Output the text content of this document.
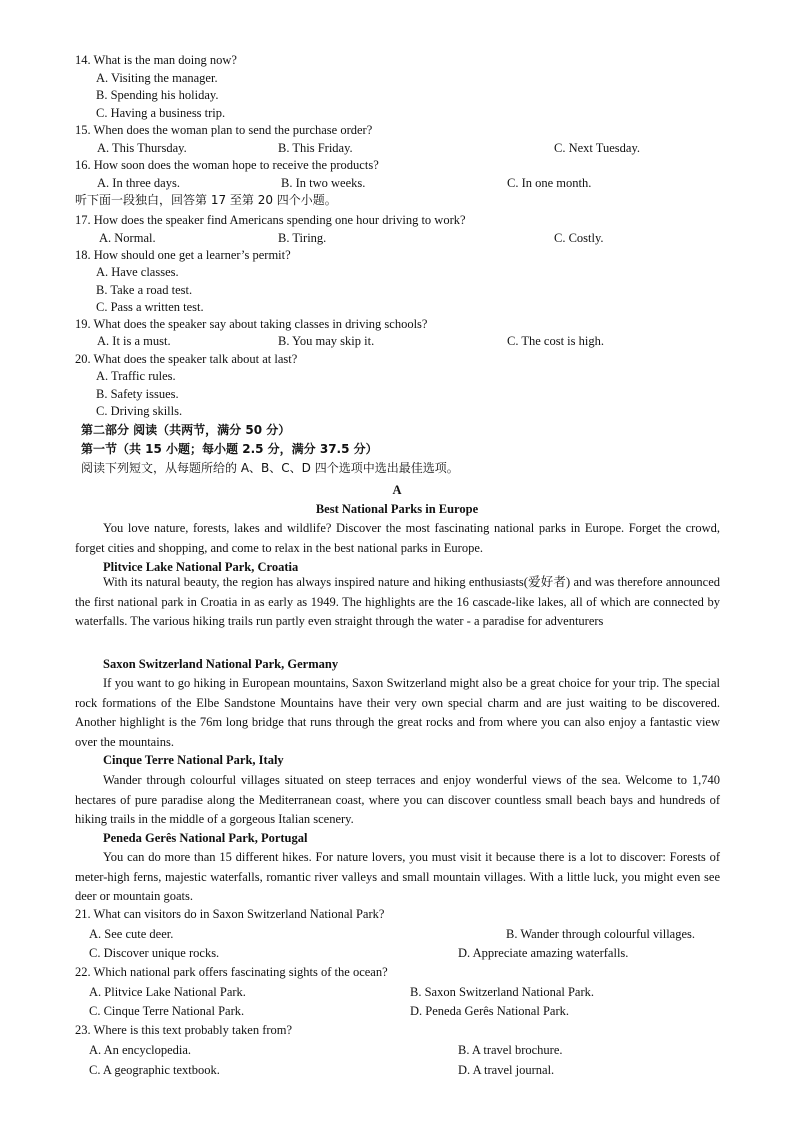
14. What is the man doing now?
A. Visiting the manager.
B. Spending his holiday.
C. Having a business trip.
15. When does the woman plan to send the purchase order?
A. This Thursday.	B. This Friday.	C. Next Tuesday.
16. How soon does the woman hope to receive the products?
A. In three days.	B. In two weeks.	C. In one month.
听下面一段独白，回答第 17 至第 20 四个小题。
17. How does the speaker find Americans spending one hour driving to work?
A. Normal.	B. Tiring.	C. Costly.
18. How should one get a learner’s permit?
A. Have classes.
B. Take a road test.
C. Pass a written test.
19. What does the speaker say about taking classes in driving schools?
A. It is a must.	B. You may skip it.	C. The cost is high.
20. What does the speaker talk about at last?
A. Traffic rules.
B. Safety issues.
C. Driving skills.
第二部分 阅读（共两节，满分 50 分）
第一节（共 15 小题；每小题 2.5 分，满分 37.5 分）
阅读下列短文，从每题所给的 A、B、C、D 四个选项中选出最佳选项。
A
Best National Parks in Europe
You love nature, forests, lakes and wildlife? Discover the most fascinating national parks in Europe. Forget the crowd, forget cities and shopping, and come to relax in the best national parks in Europe.
Plitvice Lake National Park, Croatia
With its natural beauty, the region has always inspired nature and hiking enthusiasts(爱好者) and was therefore announced the first national park in Croatia in as early as 1949. The highlights are the 16 cascade-like lakes, all of which are connected by waterfalls. The various hiking trails run partly even straight through the water - a paradise for adventurers
Saxon Switzerland National Park, Germany
If you want to go hiking in European mountains, Saxon Switzerland might also be a great choice for your trip. The special rock formations of the Elbe Sandstone Mountains have their very own special charm and are just waiting to be discovered. Another highlight is the 76m long bridge that runs through the great rocks and from where you can also enjoy a fantastic view over the mountains.
Cinque Terre National Park, Italy
Wander through colourful villages situated on steep terraces and enjoy wonderful views of the sea. Welcome to 1,740 hectares of pure paradise along the Mediterranean coast, where you can discover countless small beach bays and hundreds of hiking trails in the middle of a gorgeous Italian scenery.
Peneda Gerês National Park, Portugal
You can do more than 15 different hikes. For nature lovers, you must visit it because there is a lot to discover: Forests of meter-high ferns, majestic waterfalls, romantic river valleys and small mountain villages. With a little luck, you might even see deer or mountain goats.
21. What can visitors do in Saxon Switzerland National Park?
A. See cute deer.	B. Wander through colourful villages.
C. Discover unique rocks.	D. Appreciate amazing waterfalls.
22. Which national park offers fascinating sights of the ocean?
A. Plitvice Lake National Park.	B. Saxon Switzerland National Park.
C. Cinque Terre National Park.	D. Peneda Gerês National Park.
23. Where is this text probably taken from?
A. An encyclopedia.	B. A travel brochure.
C. A geographic textbook.	D. A travel journal.
